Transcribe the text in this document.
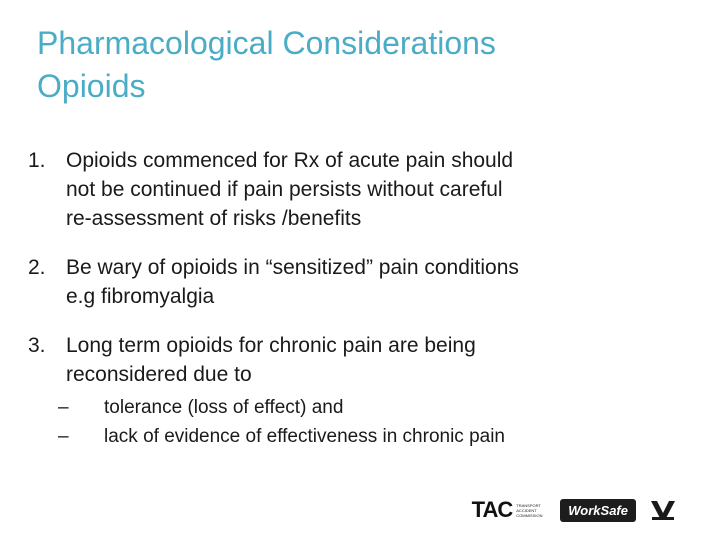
Pharmacological Considerations
Opioids
1. Opioids commenced for Rx of acute pain should
not be continued if pain persists without careful
re-assessment of risks /benefits
2. Be wary of opioids in “sensitized” pain conditions
e.g fibromyalgia
3. Long term opioids for chronic pain are being
reconsidered due to
– tolerance (loss of effect) and
– lack of evidence of effectiveness in chronic pain
TAC TRANSPORT ACCIDENT COMMISSION	WorkSafe
